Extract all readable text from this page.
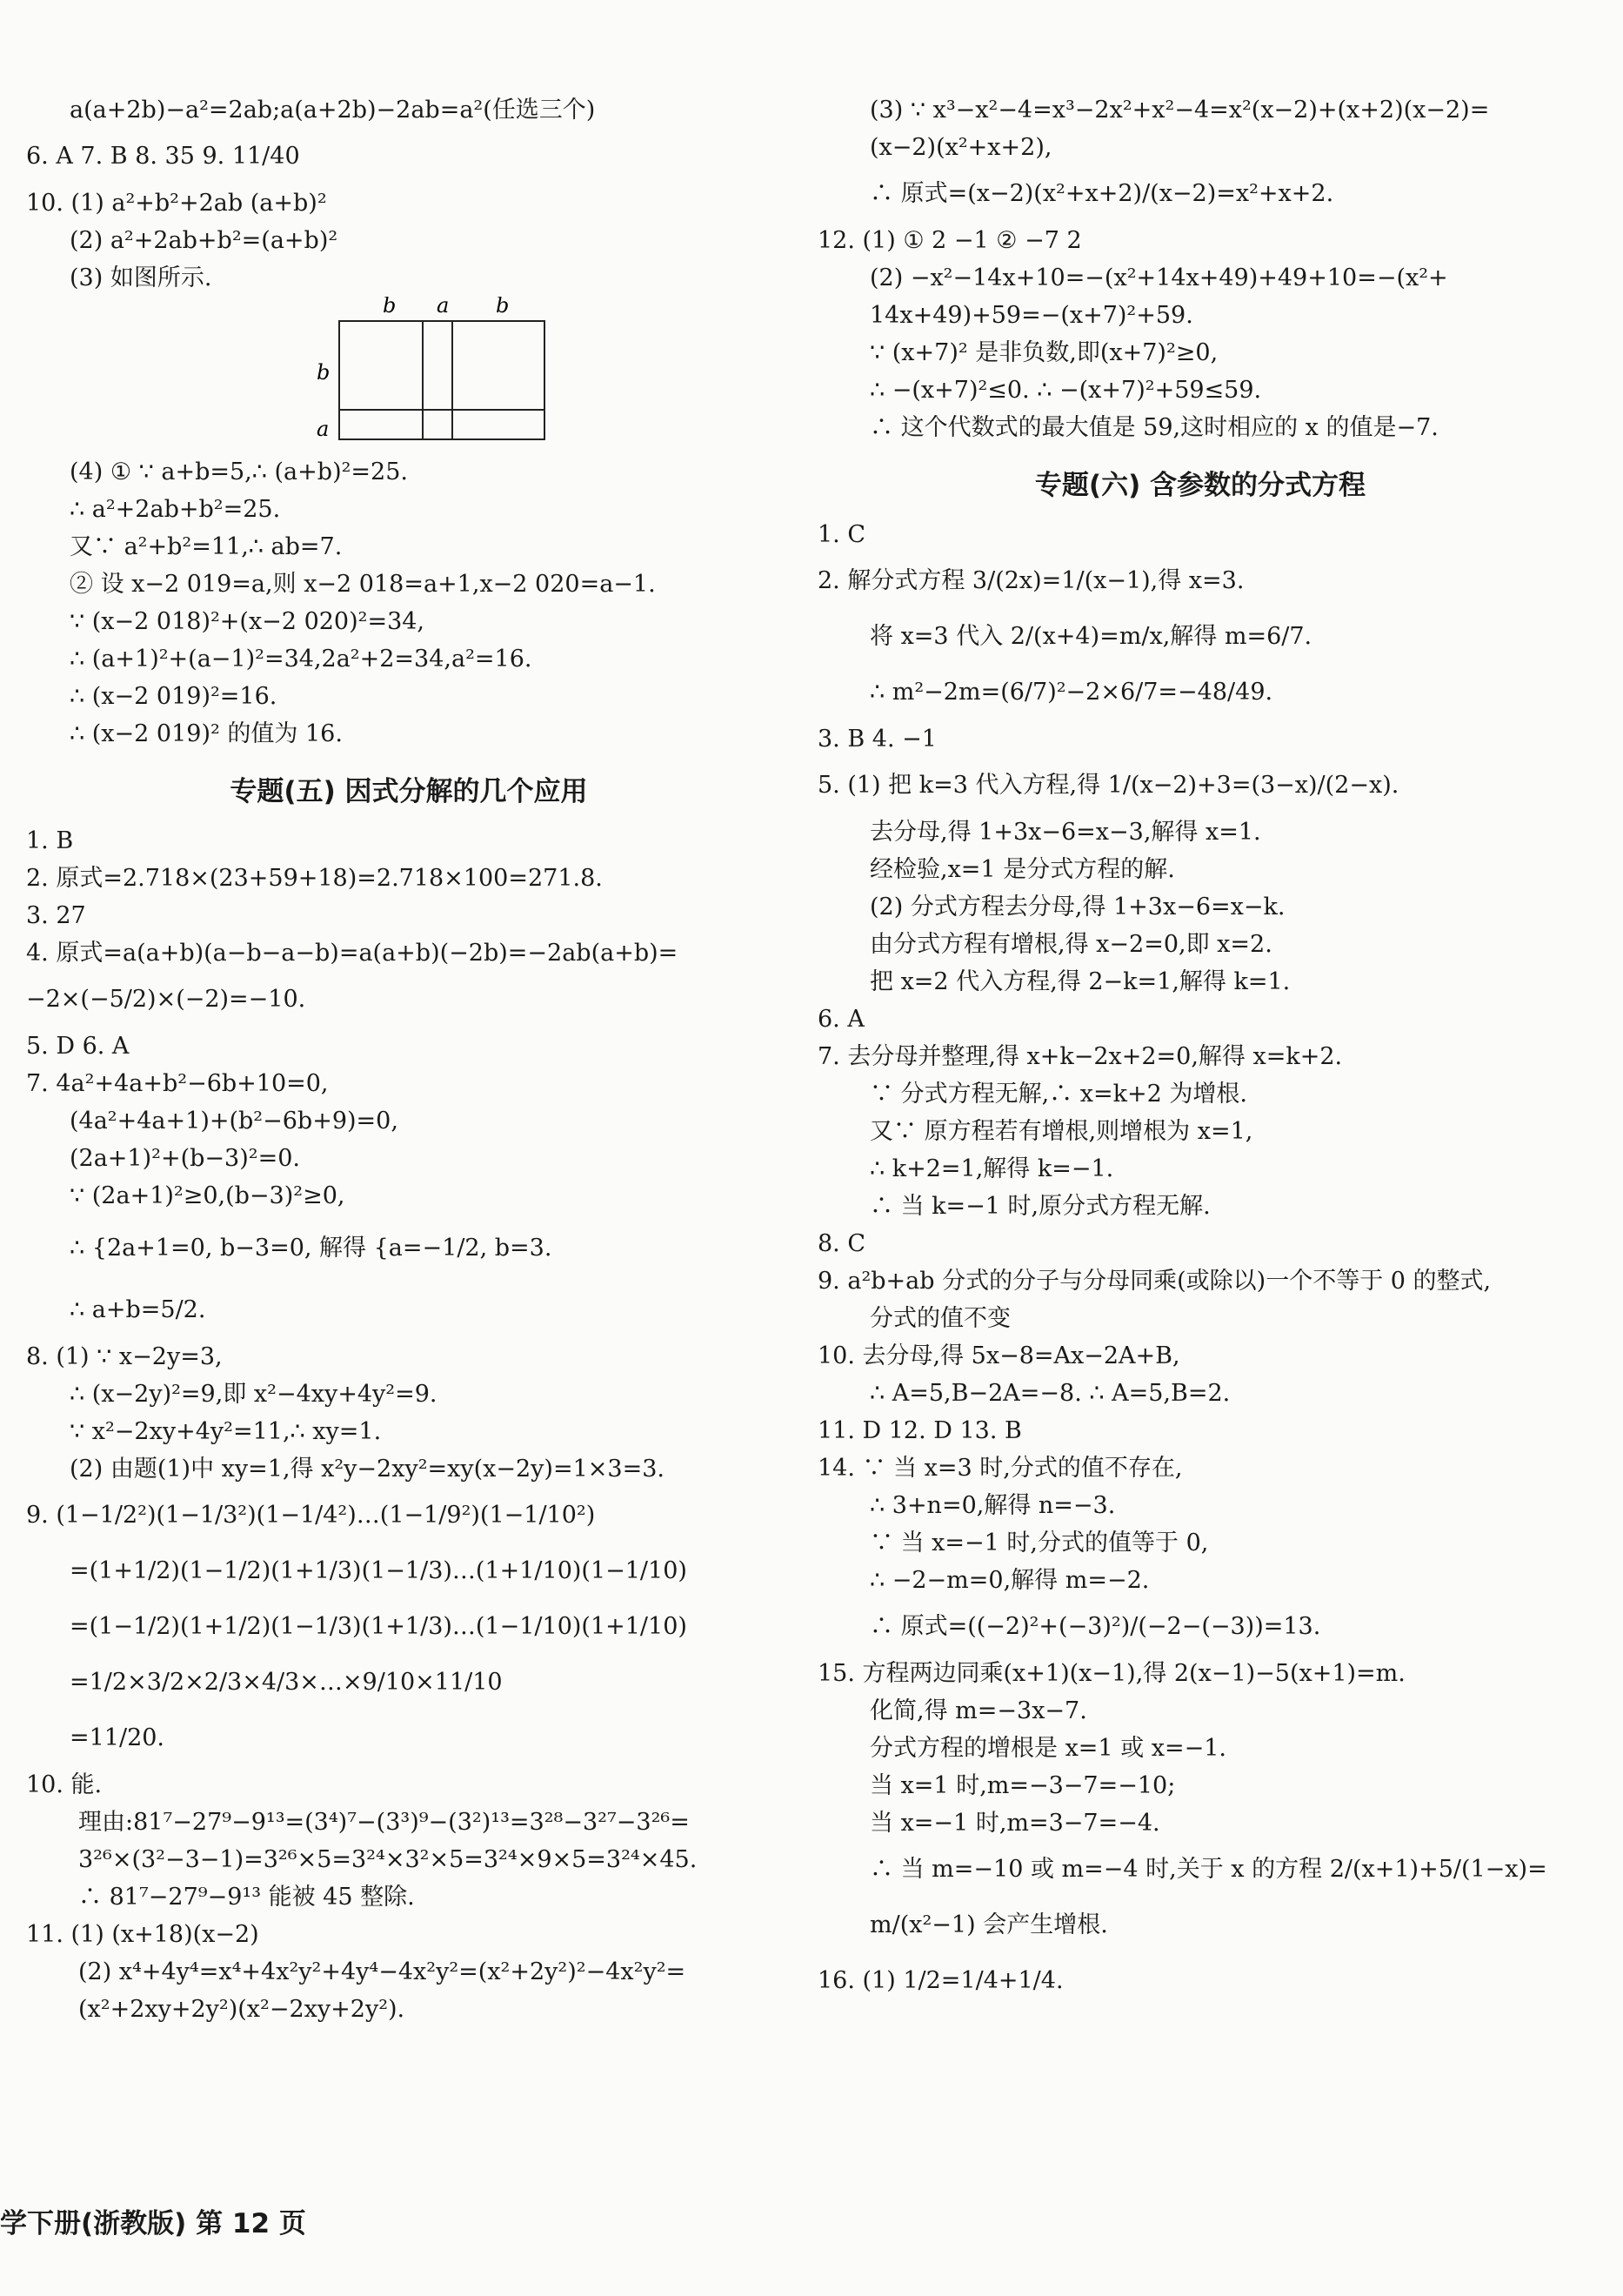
a(a+2b)−a²=2ab;a(a+2b)−2ab=a²(任选三个)
6. A 7. B 8. 35 9. 11/40
10. (1) a²+b²+2ab (a+b)²
(2) a²+2ab+b²=(a+b)²
(3) 如图所示.
b a b
b
a
(4) ① ∵ a+b=5,∴ (a+b)²=25.
∴ a²+2ab+b²=25.
又∵ a²+b²=11,∴ ab=7.
② 设 x−2 019=a,则 x−2 018=a+1,x−2 020=a−1.
∵ (x−2 018)²+(x−2 020)²=34,
∴ (a+1)²+(a−1)²=34,2a²+2=34,a²=16.
∴ (x−2 019)²=16.
∴ (x−2 019)² 的值为 16.
专题(五) 因式分解的几个应用
1. B
2. 原式=2.718×(23+59+18)=2.718×100=271.8.
3. 27
4. 原式=a(a+b)(a−b−a−b)=a(a+b)(−2b)=−2ab(a+b)=
−2×(−5/2)×(−2)=−10.
5. D 6. A
7. 4a²+4a+b²−6b+10=0,
(4a²+4a+1)+(b²−6b+9)=0,
(2a+1)²+(b−3)²=0.
∵ (2a+1)²≥0,(b−3)²≥0,
∴ {2a+1=0, b−3=0, 解得 {a=−1/2, b=3.
∴ a+b=5/2.
8. (1) ∵ x−2y=3,
∴ (x−2y)²=9,即 x²−4xy+4y²=9.
∵ x²−2xy+4y²=11,∴ xy=1.
(2) 由题(1)中 xy=1,得 x²y−2xy²=xy(x−2y)=1×3=3.
9. (1−1/2²)(1−1/3²)(1−1/4²)…(1−1/9²)(1−1/10²)
=(1+1/2)(1−1/2)(1+1/3)(1−1/3)…(1+1/10)(1−1/10)
=(1−1/2)(1+1/2)(1−1/3)(1+1/3)…(1−1/10)(1+1/10)
=1/2×3/2×2/3×4/3×…×9/10×11/10
=11/20.
10. 能.
理由:81⁷−27⁹−9¹³=(3⁴)⁷−(3³)⁹−(3²)¹³=3²⁸−3²⁷−3²⁶=
3²⁶×(3²−3−1)=3²⁶×5=3²⁴×3²×5=3²⁴×9×5=3²⁴×45.
∴ 81⁷−27⁹−9¹³ 能被 45 整除.
11. (1) (x+18)(x−2)
(2) x⁴+4y⁴=x⁴+4x²y²+4y⁴−4x²y²=(x²+2y²)²−4x²y²=
(x²+2xy+2y²)(x²−2xy+2y²).
(3) ∵ x³−x²−4=x³−2x²+x²−4=x²(x−2)+(x+2)(x−2)=
(x−2)(x²+x+2),
∴ 原式=(x−2)(x²+x+2)/(x−2)=x²+x+2.
12. (1) ① 2 −1 ② −7 2
(2) −x²−14x+10=−(x²+14x+49)+49+10=−(x²+
14x+49)+59=−(x+7)²+59.
∵ (x+7)² 是非负数,即(x+7)²≥0,
∴ −(x+7)²≤0. ∴ −(x+7)²+59≤59.
∴ 这个代数式的最大值是 59,这时相应的 x 的值是−7.
专题(六) 含参数的分式方程
1. C
2. 解分式方程 3/(2x)=1/(x−1),得 x=3.
将 x=3 代入 2/(x+4)=m/x,解得 m=6/7.
∴ m²−2m=(6/7)²−2×6/7=−48/49.
3. B 4. −1
5. (1) 把 k=3 代入方程,得 1/(x−2)+3=(3−x)/(2−x).
去分母,得 1+3x−6=x−3,解得 x=1.
经检验,x=1 是分式方程的解.
(2) 分式方程去分母,得 1+3x−6=x−k.
由分式方程有增根,得 x−2=0,即 x=2.
把 x=2 代入方程,得 2−k=1,解得 k=1.
6. A
7. 去分母并整理,得 x+k−2x+2=0,解得 x=k+2.
∵ 分式方程无解,∴ x=k+2 为增根.
又∵ 原方程若有增根,则增根为 x=1,
∴ k+2=1,解得 k=−1.
∴ 当 k=−1 时,原分式方程无解.
8. C
9. a²b+ab 分式的分子与分母同乘(或除以)一个不等于 0 的整式,
分式的值不变
10. 去分母,得 5x−8=Ax−2A+B,
∴ A=5,B−2A=−8. ∴ A=5,B=2.
11. D 12. D 13. B
14. ∵ 当 x=3 时,分式的值不存在,
∴ 3+n=0,解得 n=−3.
∵ 当 x=−1 时,分式的值等于 0,
∴ −2−m=0,解得 m=−2.
∴ 原式=((−2)²+(−3)²)/(−2−(−3))=13.
15. 方程两边同乘(x+1)(x−1),得 2(x−1)−5(x+1)=m.
化简,得 m=−3x−7.
分式方程的增根是 x=1 或 x=−1.
当 x=1 时,m=−3−7=−10;
当 x=−1 时,m=3−7=−4.
∴ 当 m=−10 或 m=−4 时,关于 x 的方程 2/(x+1)+5/(1−x)=
m/(x²−1) 会产生增根.
16. (1) 1/2=1/4+1/4.
学下册(浙教版) 第 12 页
